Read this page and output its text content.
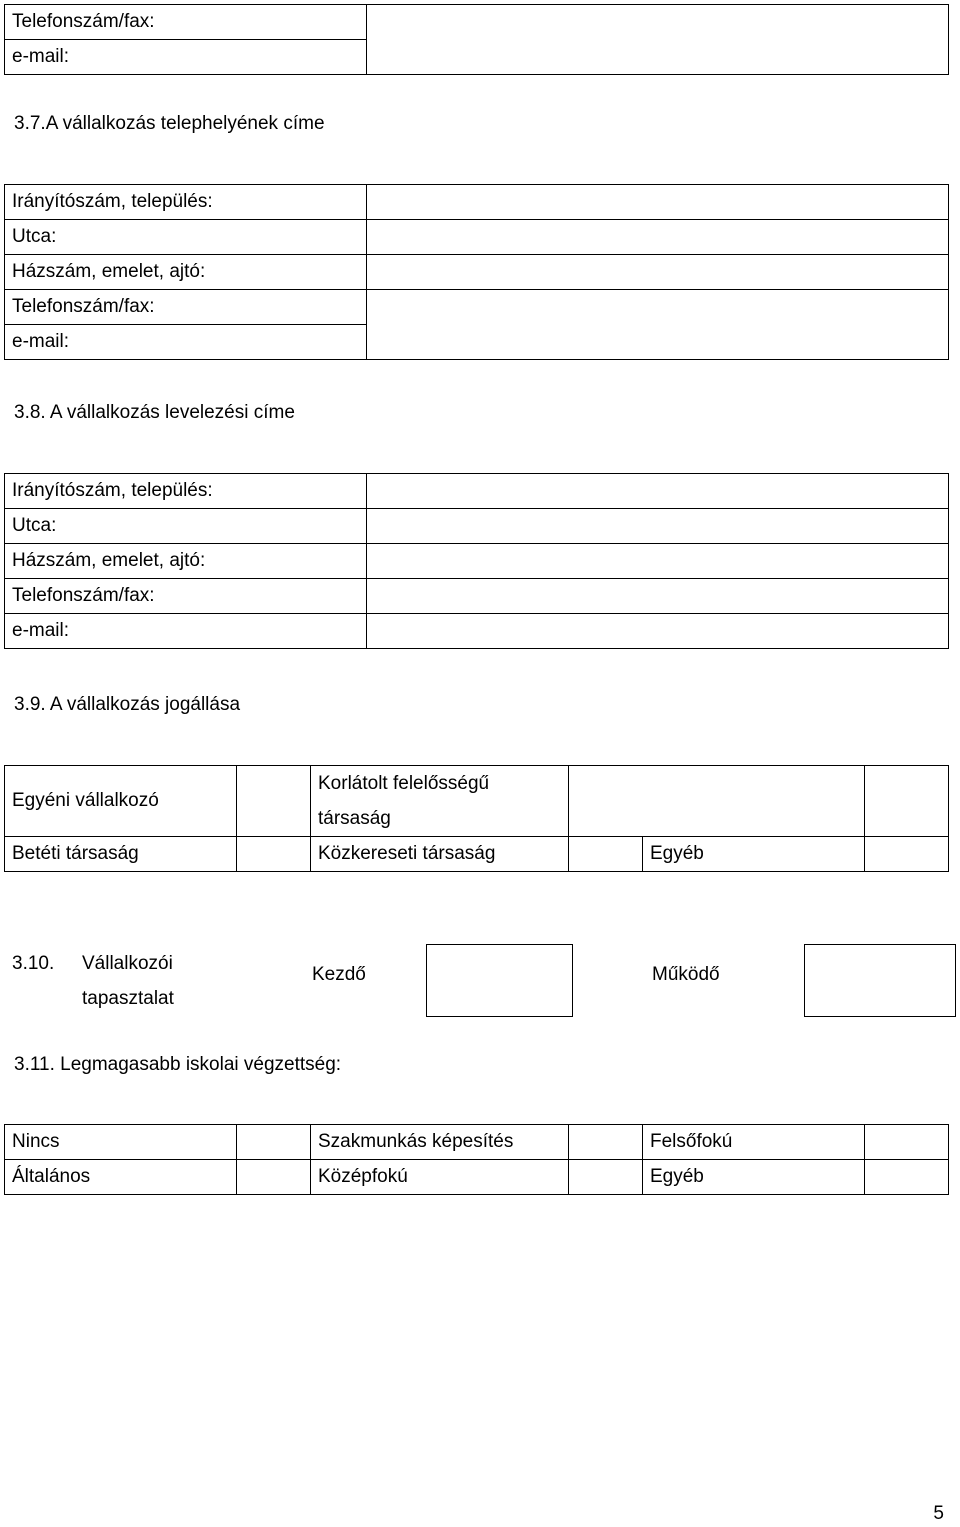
Telefonszám/fax:	
e-mail:

3.7.A vállalkozás telephelyének címe

Irányítószám, település:	
Utca:	
Házszám, emelet, ajtó:	
Telefonszám/fax:	
e-mail:	

3.8. A vállalkozás levelezési címe

Irányítószám, település:	
Utca:	
Házszám, emelet, ajtó:	
Telefonszám/fax:	
e-mail:	

3.9. A vállalkozás jogállása

Egyéni vállalkozó		Korlátolt felelősségű
társaság			
Betéti társaság		Közkereseti társaság		Egyéb	
3.10. Vállalkozói
tapasztalat
Kezdő	Működő

3.11. Legmagasabb iskolai végzettség:

Nincs		Szakmunkás képesítés		Felsőfokú	
Általános		Középfokú		Egyéb	
5
